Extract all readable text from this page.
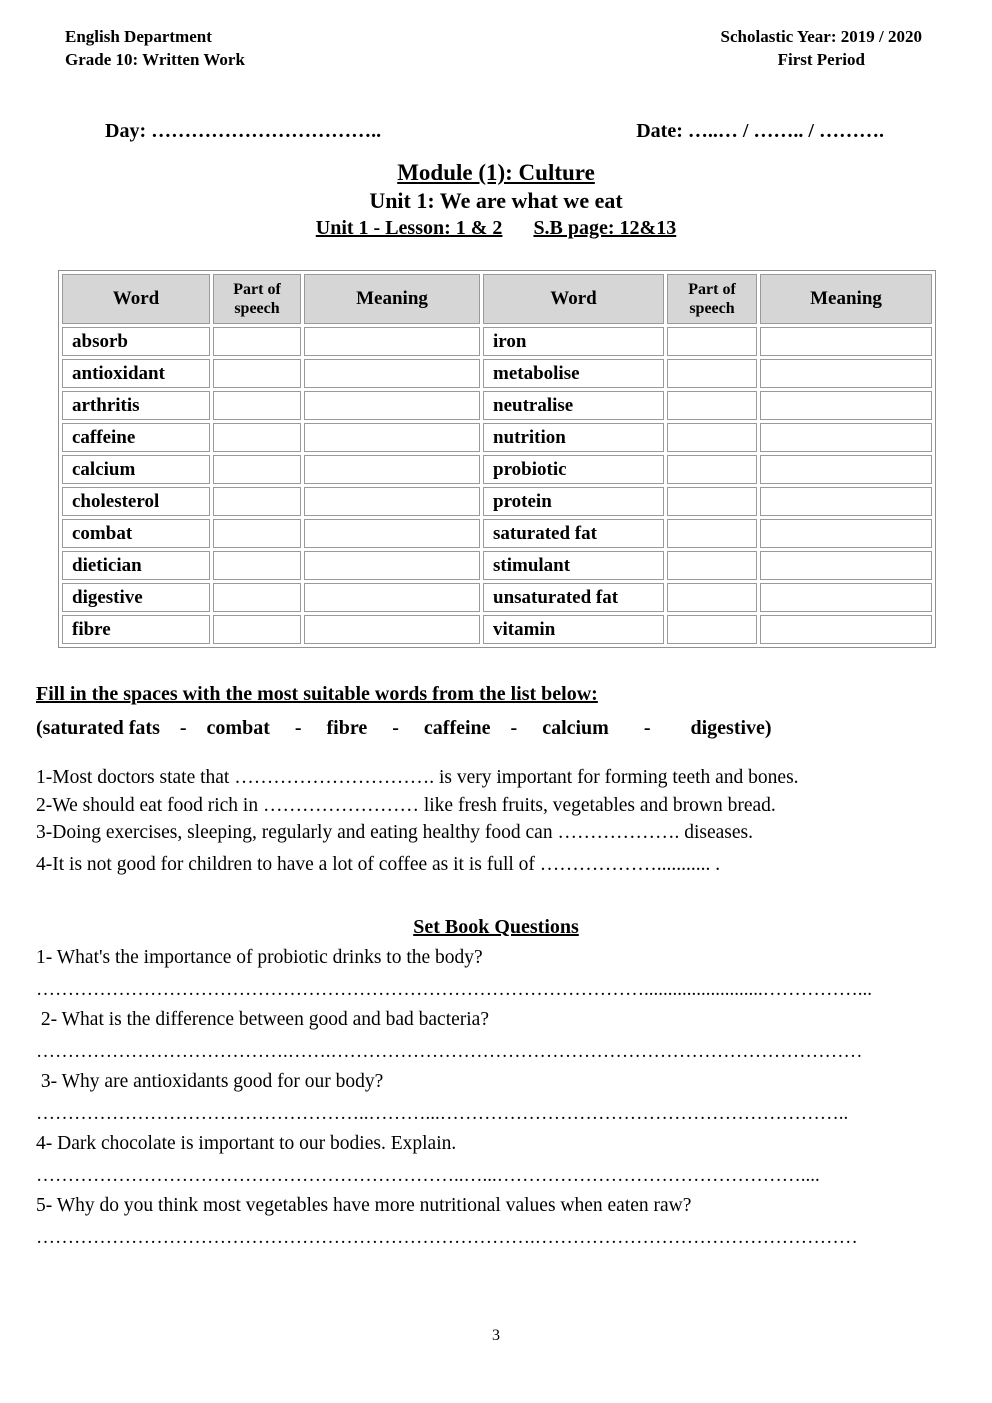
English Department
Grade 10: Written Work
Scholastic Year: 2019 / 2020
First Period
Day: ……………………………..	Date: …..… / …….. / ……….
Module (1): Culture
Unit 1: We are what we eat
Unit 1 - Lesson: 1 & 2 S.B page: 12&13
Word	Part of speech	Meaning	Word	Part of speech	Meaning
absorb			iron		
antioxidant			metabolise		
arthritis			neutralise		
caffeine			nutrition		
calcium			probiotic		
cholesterol			protein		
combat			saturated fat		
dietician			stimulant		
digestive			unsaturated fat		
fibre			vitamin		
Fill in the spaces with the most suitable words from the list below:
(saturated fats    -    combat     -     fibre     -     caffeine    -     calcium       -        digestive)

1-Most doctors state that …………………………. is very important for forming teeth and bones.

2-We should eat food rich in …………………… like fresh fruits, vegetables and brown bread.

3-Doing exercises, sleeping, regularly and eating healthy food can ………………. diseases.

4-It is not good for children to have a lot of coffee as it is full of ………………........... .

Set Book Questions

1- What's the importance of probiotic drinks to the body?

…………………………………………………………………………………….........................……………...

2- What is the difference between good and bad bacteria?

………………………………….…….…………………………………………………………………………

3- Why are antioxidants good for our body?

……………………………………………..………...………………………………………………………..

4- Dark chocolate is important to our bodies. Explain.

…………………………………………………………..…...…………………………………………....

5- Why do you think most vegetables have more nutritional values when eaten raw?

…………………………………………………………………….……………………………………………

3
